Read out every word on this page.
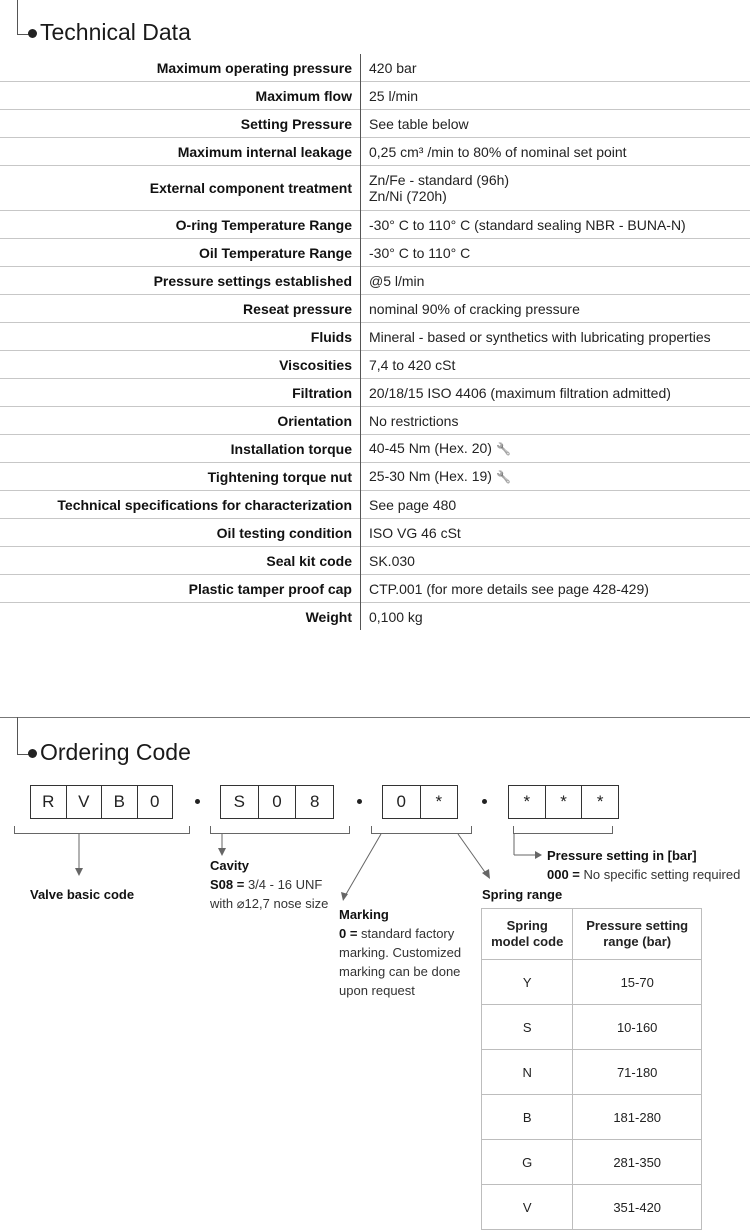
Technical Data
Maximum operating pressure	420 bar
Maximum flow	25 l/min
Setting Pressure	See table below
Maximum internal leakage	0,25 cm³ /min to 80% of nominal set point
External component treatment	Zn/Fe - standard (96h)
Zn/Ni (720h)
O-ring Temperature Range	-30° C to 110° C (standard sealing NBR - BUNA-N)
Oil Temperature Range	-30° C to 110° C
Pressure settings established	@5 l/min
Reseat pressure	nominal 90% of cracking pressure
Fluids	Mineral - based or synthetics with lubricating properties
Viscosities	7,4 to 420 cSt
Filtration	20/18/15 ISO 4406 (maximum filtration admitted)
Orientation	No restrictions
Installation torque	40-45 Nm (Hex. 20) 🔧
Tightening torque nut	25-30 Nm (Hex. 19) 🔧
Technical specifications for characterization	See page 480
Oil testing condition	ISO VG 46 cSt
Seal kit code	SK.030
Plastic tamper proof cap	CTP.001 (for more details see page 428-429)
Weight	0,100 kg
Ordering Code
R	V	B	0	S	0	8	0	*	*	*	*
Valve basic code
Cavity
S08 = 3/4 - 16 UNF
with ⌀12,7 nose size
Marking
0 = standard factory
marking. Customized
marking can be done
upon request
Pressure setting in [bar]
000 = No specific setting required
Spring range
Spring model code	Pressure setting range (bar)
Y	15-70
S	10-160
N	71-180
B	181-280
G	281-350
V	351-420
